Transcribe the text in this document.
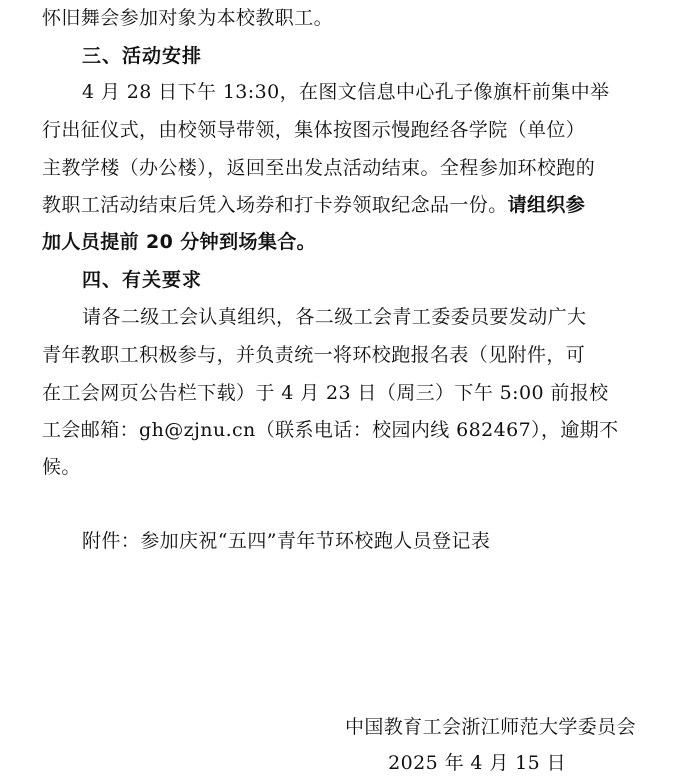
怀旧舞会参加对象为本校教职工。
三、活动安排
4 月 28 日下午 13:30，在图文信息中心孔子像旗杆前集中举
行出征仪式，由校领导带领，集体按图示慢跑经各学院（单位）
主教学楼（办公楼），返回至出发点活动结束。全程参加环校跑的
教职工活动结束后凭入场券和打卡券领取纪念品一份。请组织参
加人员提前 20 分钟到场集合。
四、有关要求
请各二级工会认真组织，各二级工会青工委委员要发动广大
青年教职工积极参与，并负责统一将环校跑报名表（见附件，可
在工会网页公告栏下载）于 4 月 23 日（周三）下午 5:00 前报校
工会邮箱：gh@zjnu.cn（联系电话：校园内线 682467），逾期不
候。
附件：参加庆祝“五四”青年节环校跑人员登记表
中国教育工会浙江师范大学委员会
2025 年 4 月 15 日
